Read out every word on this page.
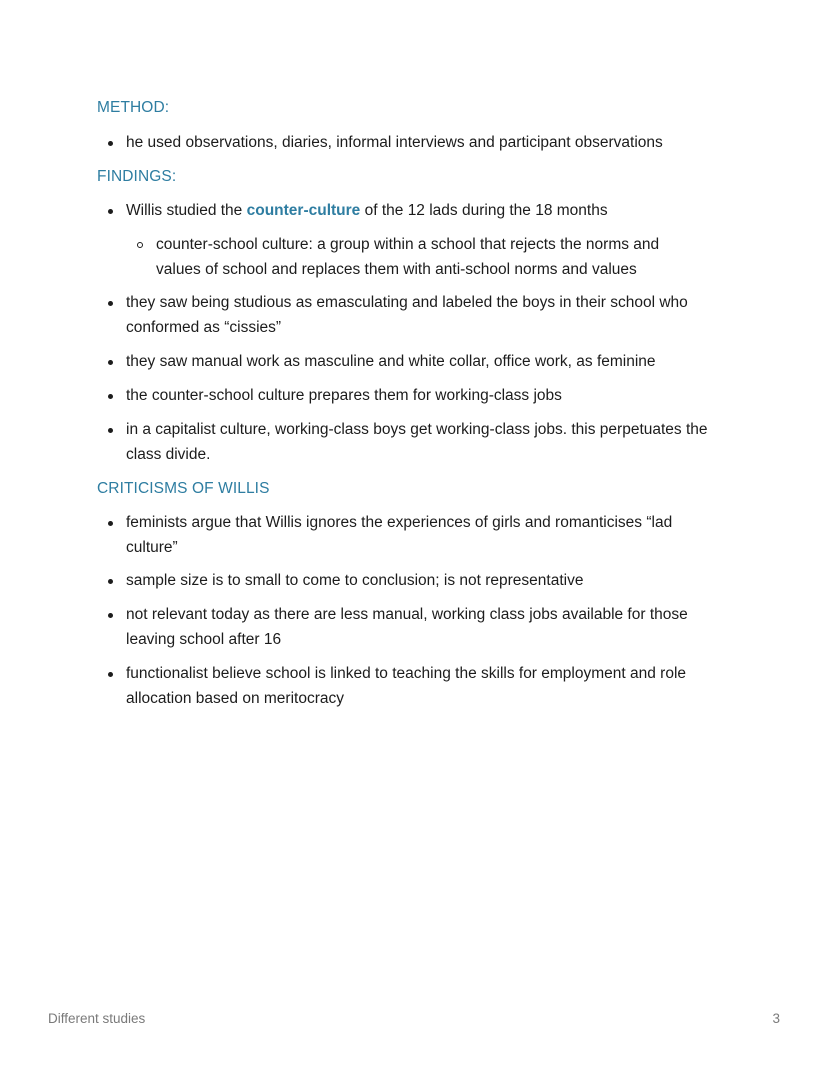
METHOD:
he used observations, diaries, informal interviews and participant observations
FINDINGS:
Willis studied the counter-culture of the 12 lads during the 18 months
counter-school culture: a group within a school that rejects the norms and values of school and replaces them with anti-school norms and values
they saw being studious as emasculating and labeled the boys in their school who conformed as “cissies”
they saw manual work as masculine and white collar, office work, as feminine
the counter-school culture prepares them for working-class jobs
in a capitalist culture, working-class boys get working-class jobs. this perpetuates the class divide.
CRITICISMS OF WILLIS
feminists argue that Willis ignores the experiences of girls and romanticises “lad culture”
sample size is to small to come to conclusion; is not representative
not relevant today as there are less manual, working class jobs available for those leaving school after 16
functionalist believe school is linked to teaching the skills for employment and role allocation based on meritocracy
Different studies	3
